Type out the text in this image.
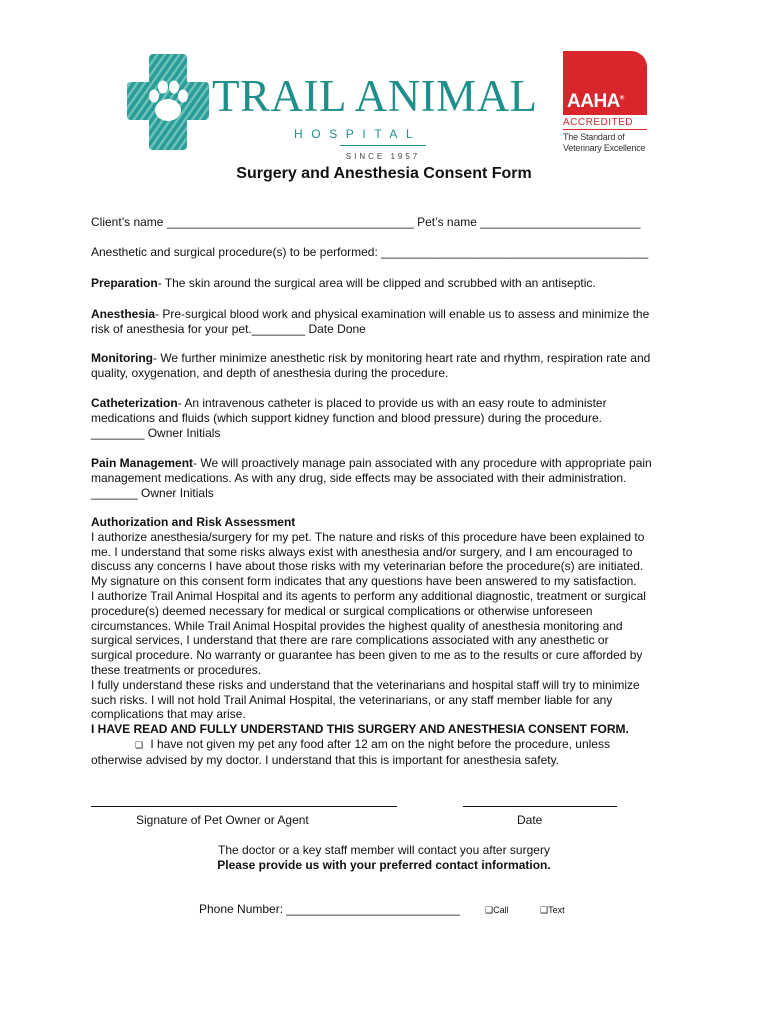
TRAIL ANIMAL
HOSPITAL
SINCE 1957
AAHA®
ACCREDITED
The Standard of
Veterinary Excellence
Surgery and Anesthesia Consent Form
Client’s name _____________________________________ Pet’s name ________________________
Anesthetic and surgical procedure(s) to be performed: ________________________________________
Preparation- The skin around the surgical area will be clipped and scrubbed with an antiseptic.
Anesthesia- Pre-surgical blood work and physical examination will enable us to assess and minimize the
risk of anesthesia for your pet.________ Date Done
Monitoring- We further minimize anesthetic risk by monitoring heart rate and rhythm, respiration rate and
quality, oxygenation, and depth of anesthesia during the procedure.
Catheterization- An intravenous catheter is placed to provide us with an easy route to administer
medications and fluids (which support kidney function and blood pressure) during the procedure.
________ Owner Initials
Pain Management- We will proactively manage pain associated with any procedure with appropriate pain
management medications. As with any drug, side effects may be associated with their administration.
_______ Owner Initials
Authorization and Risk Assessment
I authorize anesthesia/surgery for my pet. The nature and risks of this procedure have been explained to
me. I understand that some risks always exist with anesthesia and/or surgery, and I am encouraged to
discuss any concerns I have about those risks with my veterinarian before the procedure(s) are initiated.
My signature on this consent form indicates that any questions have been answered to my satisfaction.
I authorize Trail Animal Hospital and its agents to perform any additional diagnostic, treatment or surgical
procedure(s) deemed necessary for medical or surgical complications or otherwise unforeseen
circumstances. While Trail Animal Hospital provides the highest quality of anesthesia monitoring and
surgical services, I understand that there are rare complications associated with any anesthetic or
surgical procedure. No warranty or guarantee has been given to me as to the results or cure afforded by
these treatments or procedures.
I fully understand these risks and understand that the veterinarians and hospital staff will try to minimize
such risks. I will not hold Trail Animal Hospital, the veterinarians, or any staff member liable for any
complications that may arise.
I HAVE READ AND FULLY UNDERSTAND THIS SURGERY AND ANESTHESIA CONSENT FORM.
❑ I have not given my pet any food after 12 am on the night before the procedure, unless
otherwise advised by my doctor. I understand that this is important for anesthesia safety.
Signature of Pet Owner or Agent	Date
The doctor or a key staff member will contact you after surgery
Please provide us with your preferred contact information.
Phone Number: __________________________	❑Call	❑Text
